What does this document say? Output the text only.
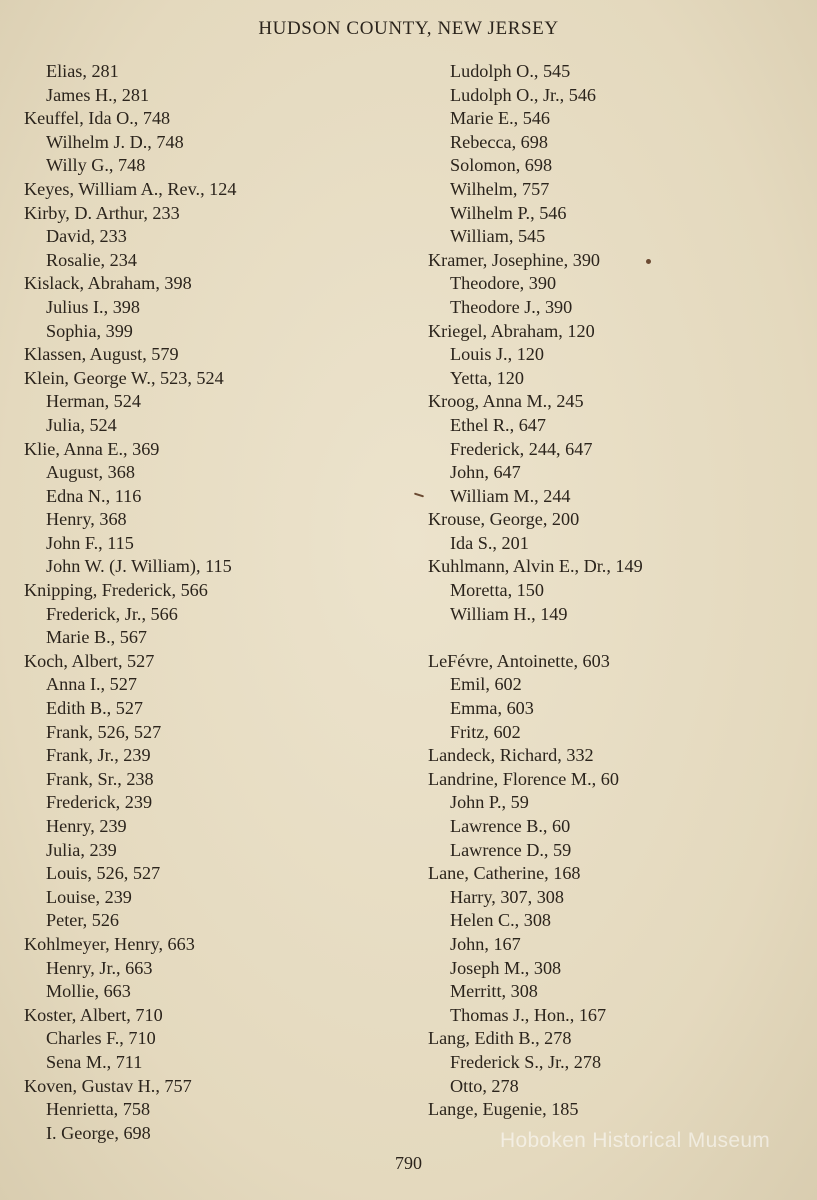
HUDSON COUNTY, NEW JERSEY
Elias, 281
James H., 281
Keuffel, Ida O., 748
Wilhelm J. D., 748
Willy G., 748
Keyes, William A., Rev., 124
Kirby, D. Arthur, 233
David, 233
Rosalie, 234
Kislack, Abraham, 398
Julius I., 398
Sophia, 399
Klassen, August, 579
Klein, George W., 523, 524
Herman, 524
Julia, 524
Klie, Anna E., 369
August, 368
Edna N., 116
Henry, 368
John F., 115
John W. (J. William), 115
Knipping, Frederick, 566
Frederick, Jr., 566
Marie B., 567
Koch, Albert, 527
Anna I., 527
Edith B., 527
Frank, 526, 527
Frank, Jr., 239
Frank, Sr., 238
Frederick, 239
Henry, 239
Julia, 239
Louis, 526, 527
Louise, 239
Peter, 526
Kohlmeyer, Henry, 663
Henry, Jr., 663
Mollie, 663
Koster, Albert, 710
Charles F., 710
Sena M., 711
Koven, Gustav H., 757
Henrietta, 758
I. George, 698
Ludolph O., 545
Ludolph O., Jr., 546
Marie E., 546
Rebecca, 698
Solomon, 698
Wilhelm, 757
Wilhelm P., 546
William, 545
Kramer, Josephine, 390
Theodore, 390
Theodore J., 390
Kriegel, Abraham, 120
Louis J., 120
Yetta, 120
Kroog, Anna M., 245
Ethel R., 647
Frederick, 244, 647
John, 647
William M., 244
Krouse, George, 200
Ida S., 201
Kuhlmann, Alvin E., Dr., 149
Moretta, 150
William H., 149
LeFévre, Antoinette, 603
Emil, 602
Emma, 603
Fritz, 602
Landeck, Richard, 332
Landrine, Florence M., 60
John P., 59
Lawrence B., 60
Lawrence D., 59
Lane, Catherine, 168
Harry, 307, 308
Helen C., 308
John, 167
Joseph M., 308
Merritt, 308
Thomas J., Hon., 167
Lang, Edith B., 278
Frederick S., Jr., 278
Otto, 278
Lange, Eugenie, 185
790
Hoboken Historical Museum
